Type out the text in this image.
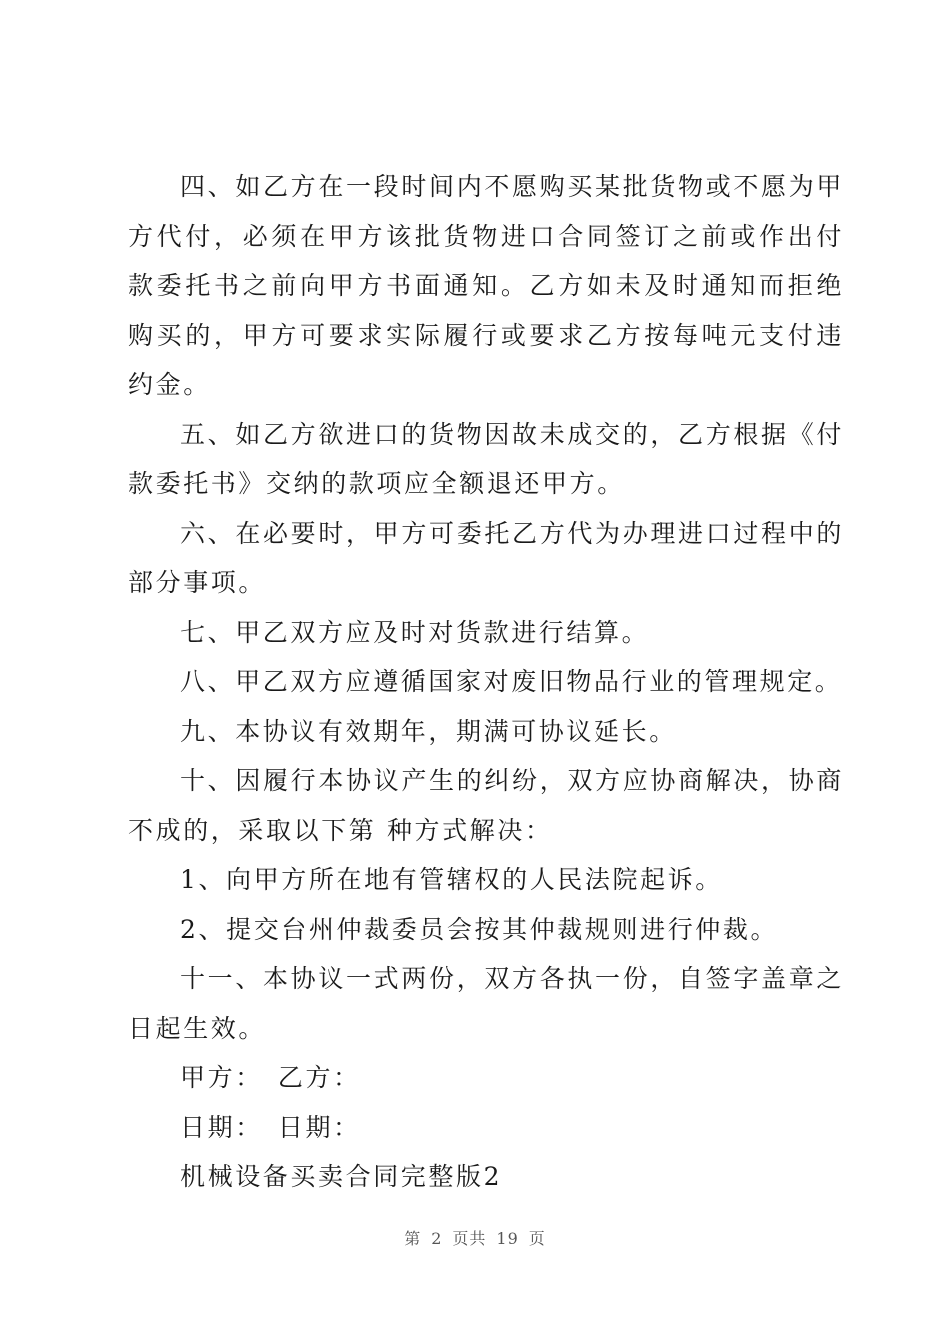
四、如乙方在一段时间内不愿购买某批货物或不愿为甲方代付，必须在甲方该批货物进口合同签订之前或作出付款委托书之前向甲方书面通知。乙方如未及时通知而拒绝购买的，甲方可要求实际履行或要求乙方按每吨元支付违约金。

五、如乙方欲进口的货物因故未成交的，乙方根据《付款委托书》交纳的款项应全额退还甲方。

六、在必要时，甲方可委托乙方代为办理进口过程中的部分事项。

七、甲乙双方应及时对货款进行结算。

八、甲乙双方应遵循国家对废旧物品行业的管理规定。

九、本协议有效期年，期满可协议延长。

十、因履行本协议产生的纠纷，双方应协商解决，协商不成的，采取以下第 种方式解决：

1、向甲方所在地有管辖权的人民法院起诉。

2、提交台州仲裁委员会按其仲裁规则进行仲裁。

十一、本协议一式两份，双方各执一份，自签字盖章之日起生效。

甲方：　乙方：

日期：　日期：

机械设备买卖合同完整版2

第 2 页共 19 页
